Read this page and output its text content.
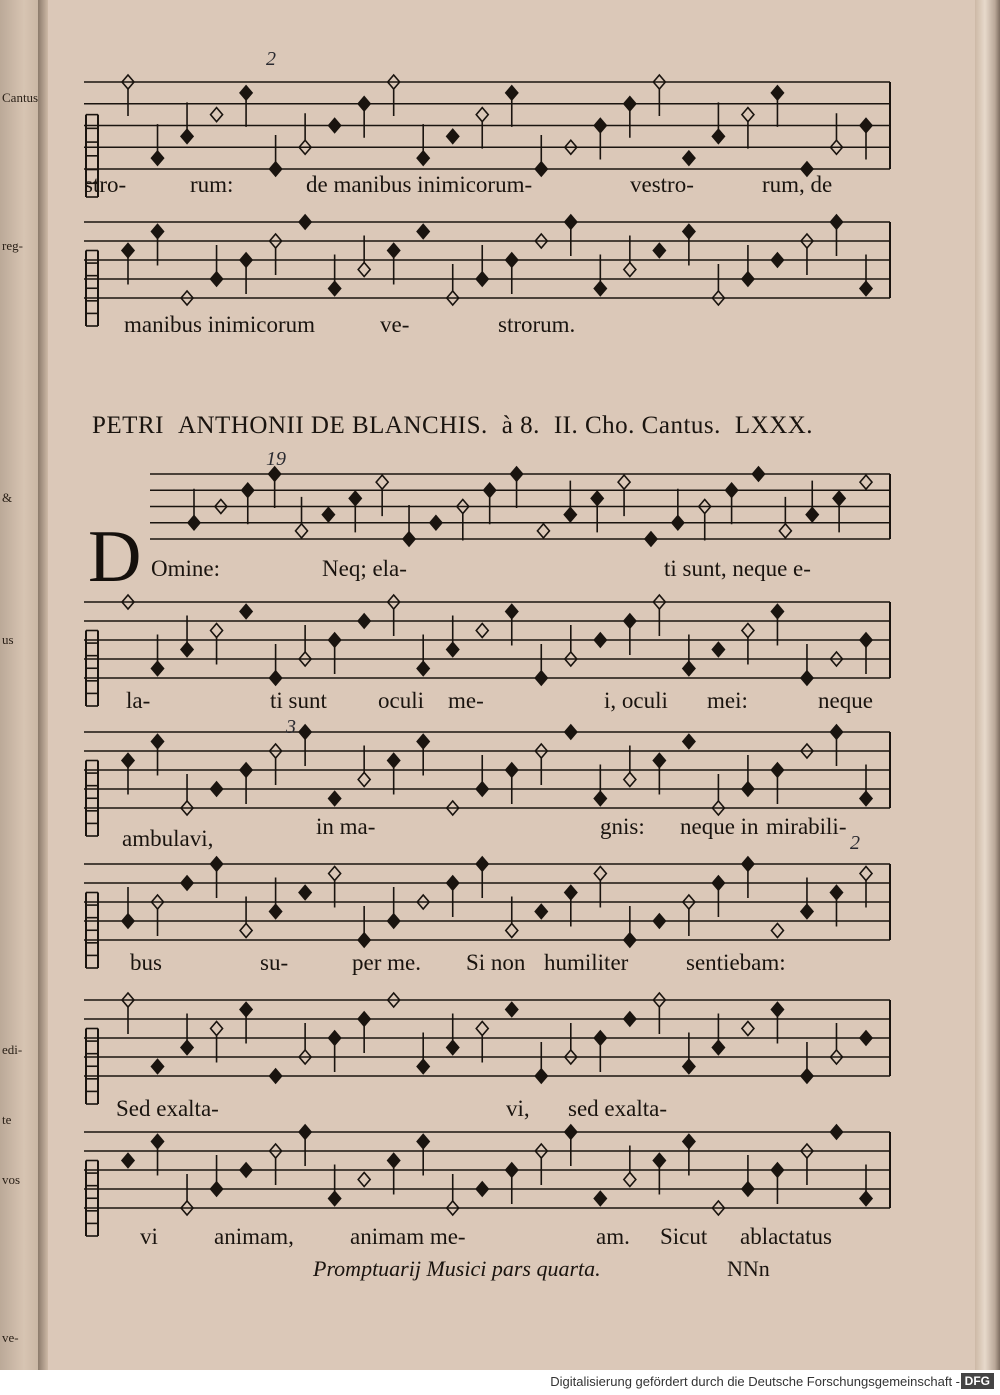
Cantus
reg-
&
us
edi-
te
vos
ve-
stro-	rum:	de manibus inimicorum-	vestro-	rum, de
2
manibus inimicorum	ve-	strorum.
PETRI ANTHONII DE BLANCHIS. à 8. II. Cho. Cantus. LXXX.
D
19
Omine:	Neq; ela-	ti sunt, neque e-
la-	ti sunt oculi me-	i, oculi mei:	neque
3
ambulavi,	in ma-	gnis: neque in mirabili-
2
bus	su-	per me. Si non humiliter	sentiebam:
Sed exalta-	vi, sed exalta-
vi animam, animam me-	am. Sicut ablactatus
Promptuarij Musici pars quarta.	NNn
Digitalisierung gefördert durch die Deutsche Forschungsgemeinschaft - DFG
